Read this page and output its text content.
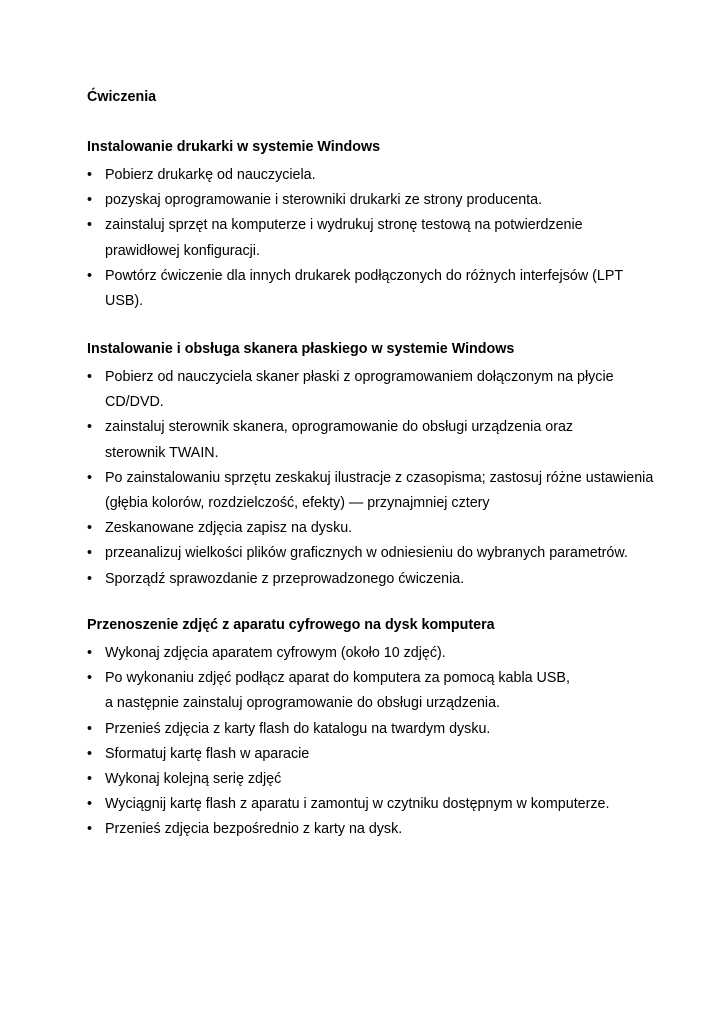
Ćwiczenia
Instalowanie drukarki w systemie Windows
• Pobierz drukarkę od nauczyciela.
• pozyskaj oprogramowanie i sterowniki drukarki ze strony producenta.
• zainstaluj sprzęt na komputerze i wydrukuj stronę testową na potwierdzenie
prawidłowej konfiguracji.
• Powtórz ćwiczenie dla innych drukarek podłączonych do różnych interfejsów (LPT
USB).
Instalowanie i obsługa skanera płaskiego w systemie Windows
• Pobierz od nauczyciela skaner płaski z oprogramowaniem dołączonym na płycie
CD/DVD.
• zainstaluj sterownik skanera, oprogramowanie do obsługi urządzenia oraz
sterownik TWAIN.
• Po zainstalowaniu sprzętu zeskakuj ilustracje z czasopisma; zastosuj różne ustawienia
(głębia kolorów, rozdzielczość, efekty) — przynajmniej cztery
• Zeskanowane zdjęcia zapisz na dysku.
• przeanalizuj wielkości plików graficznych w odniesieniu do wybranych parametrów.
• Sporządź sprawozdanie z przeprowadzonego ćwiczenia.
Przenoszenie zdjęć z aparatu cyfrowego na dysk komputera
• Wykonaj zdjęcia aparatem cyfrowym (około 10 zdjęć).
• Po wykonaniu zdjęć podłącz aparat do komputera za pomocą kabla USB,
a następnie zainstaluj oprogramowanie do obsługi urządzenia.
• Przenieś zdjęcia z karty flash do katalogu na twardym dysku.
• Sformatuj kartę flash w aparacie
• Wykonaj kolejną serię zdjęć
• Wyciągnij kartę flash z aparatu i zamontuj w czytniku dostępnym w komputerze.
• Przenieś zdjęcia bezpośrednio z karty na dysk.
